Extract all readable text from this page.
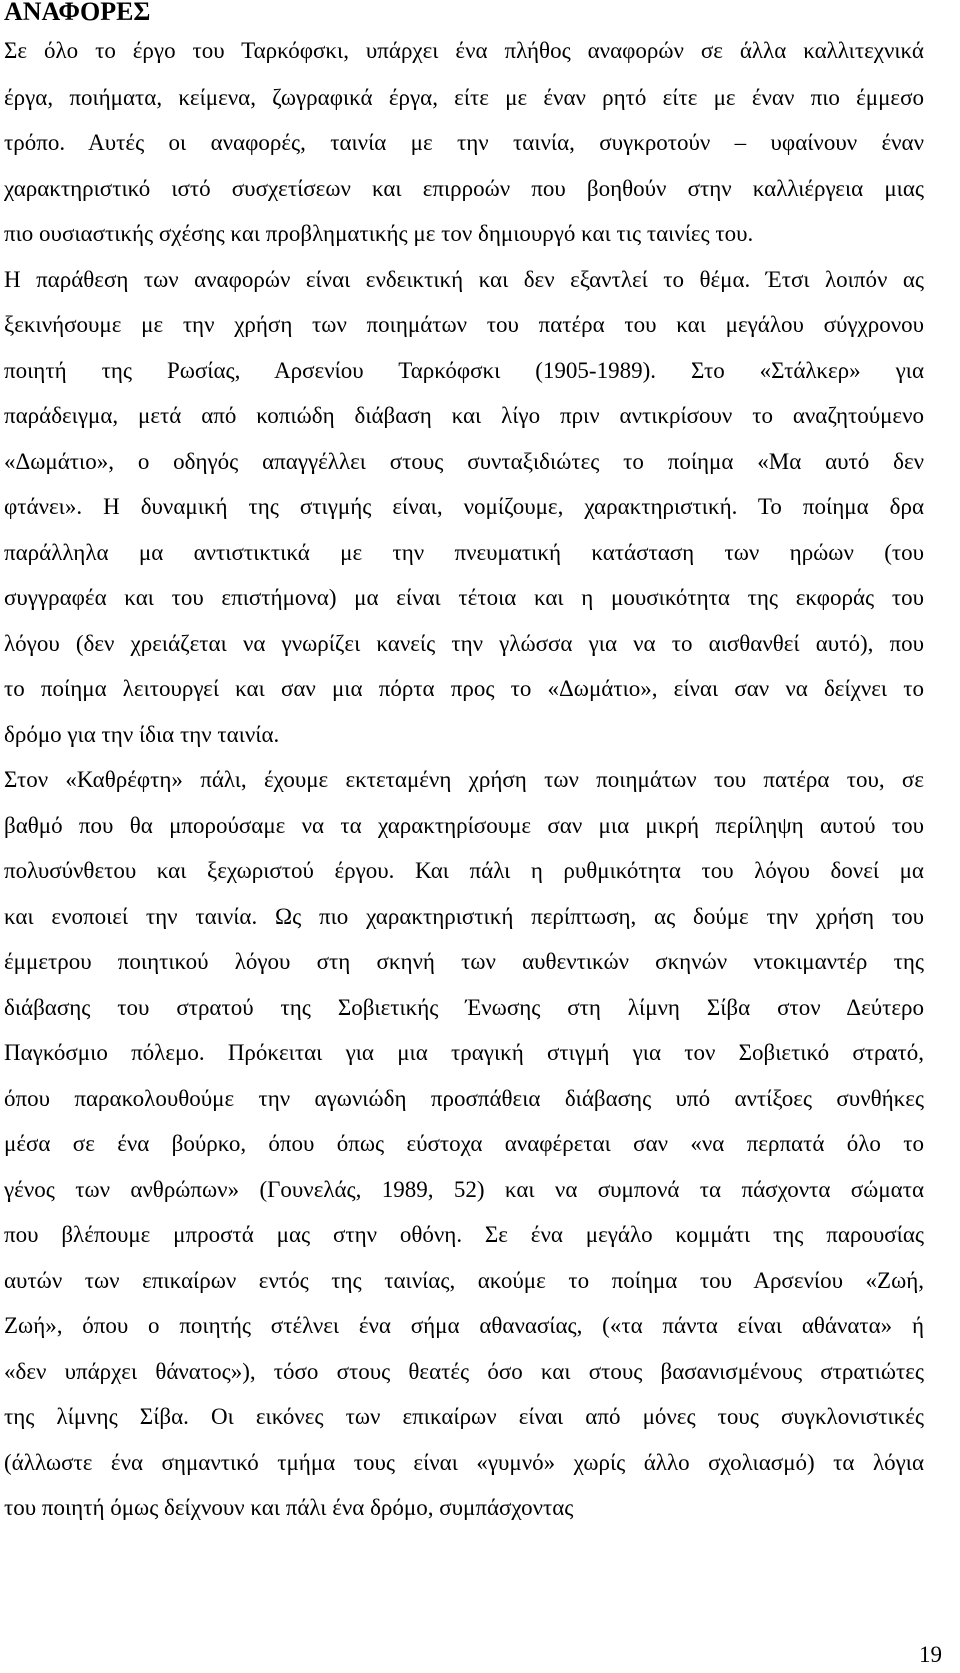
ΑΝΑΦΟΡΕΣ

Σε όλο το έργο του Ταρκόφσκι, υπάρχει ένα πλήθος αναφορών σε άλλα καλλιτεχνικά

έργα, ποιήματα, κείμενα, ζωγραφικά έργα, είτε με έναν ρητό είτε με έναν πιο έμμεσο

τρόπο. Αυτές οι αναφορές, ταινία με την ταινία, συγκροτούν – υφαίνουν έναν

χαρακτηριστικό ιστό συσχετίσεων και επιρροών που βοηθούν στην καλλιέργεια μιας

πιο ουσιαστικής σχέσης και προβληματικής με τον δημιουργό και τις ταινίες του.

Η παράθεση των αναφορών είναι ενδεικτική και δεν εξαντλεί το θέμα. Έτσι λοιπόν ας

ξεκινήσουμε με την χρήση των ποιημάτων του πατέρα του και μεγάλου σύγχρονου

ποιητή της Ρωσίας, Αρσενίου Ταρκόφσκι (1905-1989). Στο «Στάλκερ» για

παράδειγμα, μετά από κοπιώδη διάβαση και λίγο πριν αντικρίσουν το αναζητούμενο

«Δωμάτιο», ο οδηγός απαγγέλλει στους συνταξιδιώτες το ποίημα «Μα αυτό δεν

φτάνει». Η δυναμική της στιγμής είναι, νομίζουμε, χαρακτηριστική. Το ποίημα δρα

παράλληλα μα αντιστικτικά με την πνευματική κατάσταση των ηρώων (του

συγγραφέα και του επιστήμονα) μα είναι τέτοια και η μουσικότητα της εκφοράς του

λόγου (δεν χρειάζεται να γνωρίζει κανείς την γλώσσα για να το αισθανθεί αυτό), που

το ποίημα λειτουργεί και σαν μια πόρτα προς το «Δωμάτιο», είναι σαν να δείχνει το

δρόμο για την ίδια την ταινία.

Στον «Καθρέφτη» πάλι, έχουμε εκτεταμένη χρήση των ποιημάτων του πατέρα του, σε

βαθμό που θα μπορούσαμε να τα χαρακτηρίσουμε σαν μια μικρή περίληψη αυτού του

πολυσύνθετου και ξεχωριστού έργου. Και πάλι η ρυθμικότητα του λόγου δονεί μα

και ενοποιεί την ταινία. Ως πιο χαρακτηριστική περίπτωση, ας δούμε την χρήση του

έμμετρου ποιητικού λόγου στη σκηνή των αυθεντικών σκηνών ντοκιμαντέρ της

διάβασης του στρατού της Σοβιετικής Ένωσης στη λίμνη Σίβα στον Δεύτερο

Παγκόσμιο πόλεμο. Πρόκειται για μια τραγική στιγμή για τον Σοβιετικό στρατό,

όπου παρακολουθούμε την αγωνιώδη προσπάθεια διάβασης υπό αντίξοες συνθήκες

μέσα σε ένα βούρκο, όπου όπως εύστοχα αναφέρεται σαν «να περπατά όλο το

γένος των ανθρώπων» (Γουνελάς, 1989, 52) και να συμπονά τα πάσχοντα σώματα

που βλέπουμε μπροστά μας στην οθόνη. Σε ένα μεγάλο κομμάτι της παρουσίας

αυτών των επικαίρων εντός της ταινίας, ακούμε το ποίημα του Αρσενίου «Ζωή,

Ζωή», όπου ο ποιητής στέλνει ένα σήμα αθανασίας, («τα πάντα είναι αθάνατα» ή

«δεν υπάρχει θάνατος»), τόσο στους θεατές όσο και στους βασανισμένους στρατιώτες

της λίμνης Σίβα. Οι εικόνες των επικαίρων είναι από μόνες τους συγκλονιστικές

(άλλωστε ένα σημαντικό τμήμα τους είναι «γυμνό» χωρίς άλλο σχολιασμό) τα λόγια

του ποιητή όμως δείχνουν και πάλι ένα δρόμο, συμπάσχοντας

19
